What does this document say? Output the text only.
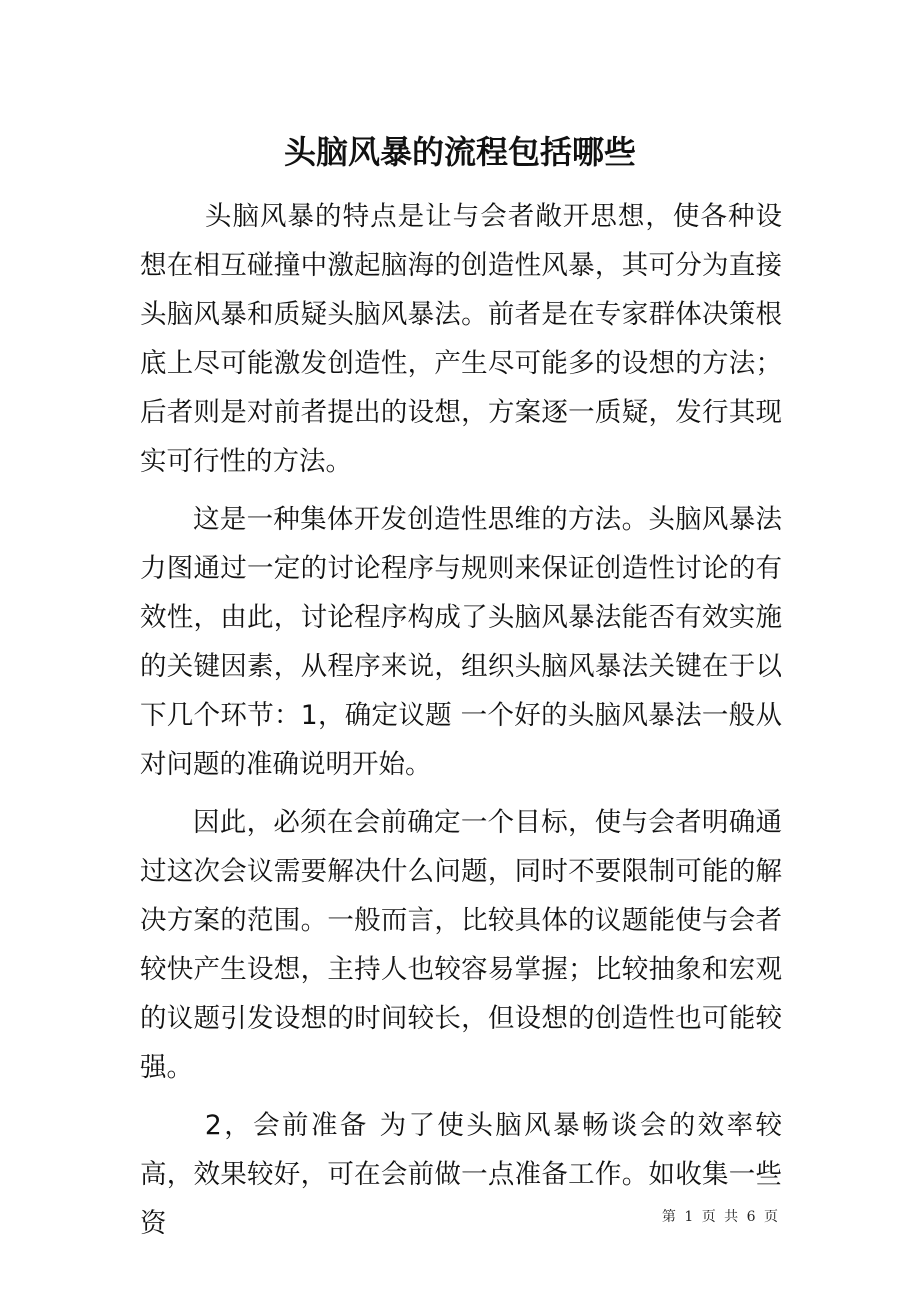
头脑风暴的流程包括哪些

头脑风暴的特点是让与会者敞开思想，使各种设想在相互碰撞中激起脑海的创造性风暴，其可分为直接头脑风暴和质疑头脑风暴法。前者是在专家群体决策根底上尽可能激发创造性，产生尽可能多的设想的方法；后者则是对前者提出的设想，方案逐一质疑，发行其现实可行性的方法。

这是一种集体开发创造性思维的方法。头脑风暴法力图通过一定的讨论程序与规则来保证创造性讨论的有效性，由此，讨论程序构成了头脑风暴法能否有效实施的关键因素，从程序来说，组织头脑风暴法关键在于以下几个环节：1，确定议题 一个好的头脑风暴法一般从对问题的准确说明开始。

因此，必须在会前确定一个目标，使与会者明确通过这次会议需要解决什么问题，同时不要限制可能的解决方案的范围。一般而言，比较具体的议题能使与会者较快产生设想，主持人也较容易掌握；比较抽象和宏观的议题引发设想的时间较长，但设想的创造性也可能较强。

2，会前准备 为了使头脑风暴畅谈会的效率较高，效果较好，可在会前做一点准备工作。如收集一些资	第 1 页 共 6 页
